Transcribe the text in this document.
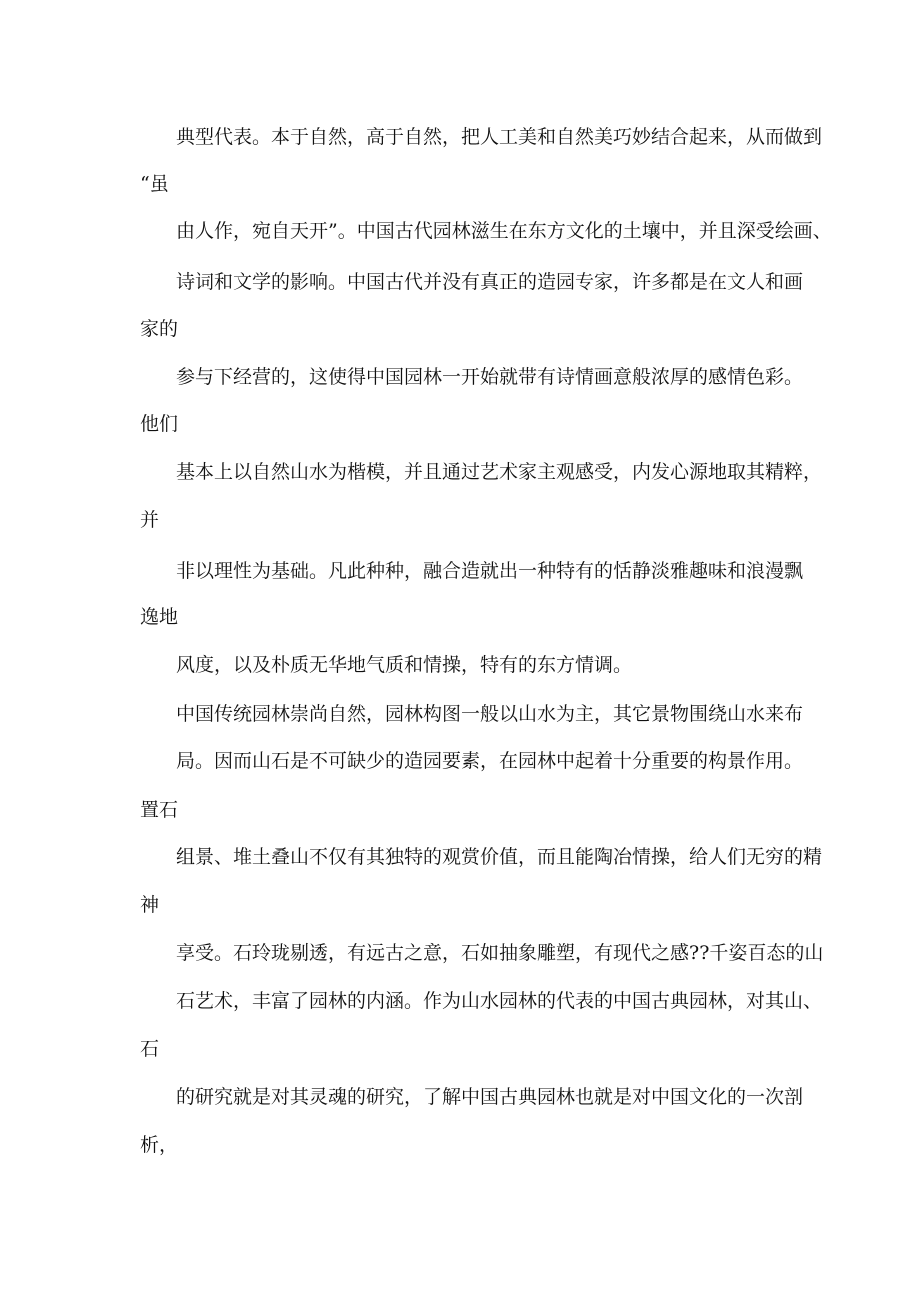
典型代表。本于自然，高于自然，把人工美和自然美巧妙结合起来，从而做到

“虽

由人作，宛自天开”。中国古代园林滋生在东方文化的土壤中，并且深受绘画、

诗词和文学的影响。中国古代并没有真正的造园专家，许多都是在文人和画

家的

参与下经营的，这使得中国园林一开始就带有诗情画意般浓厚的感情色彩。

他们

基本上以自然山水为楷模，并且通过艺术家主观感受，内发心源地取其精粹，

并

非以理性为基础。凡此种种，融合造就出一种特有的恬静淡雅趣味和浪漫飘

逸地

风度，以及朴质无华地气质和情操，特有的东方情调。

中国传统园林崇尚自然，园林构图一般以山水为主，其它景物围绕山水来布

局。因而山石是不可缺少的造园要素，在园林中起着十分重要的构景作用。

置石

组景、堆土叠山不仅有其独特的观赏价值，而且能陶冶情操，给人们无穷的精

神

享受。石玲珑剔透，有远古之意，石如抽象雕塑，有现代之感??千姿百态的山

石艺术，丰富了园林的内涵。作为山水园林的代表的中国古典园林，对其山、

石

的研究就是对其灵魂的研究，了解中国古典园林也就是对中国文化的一次剖

析，
